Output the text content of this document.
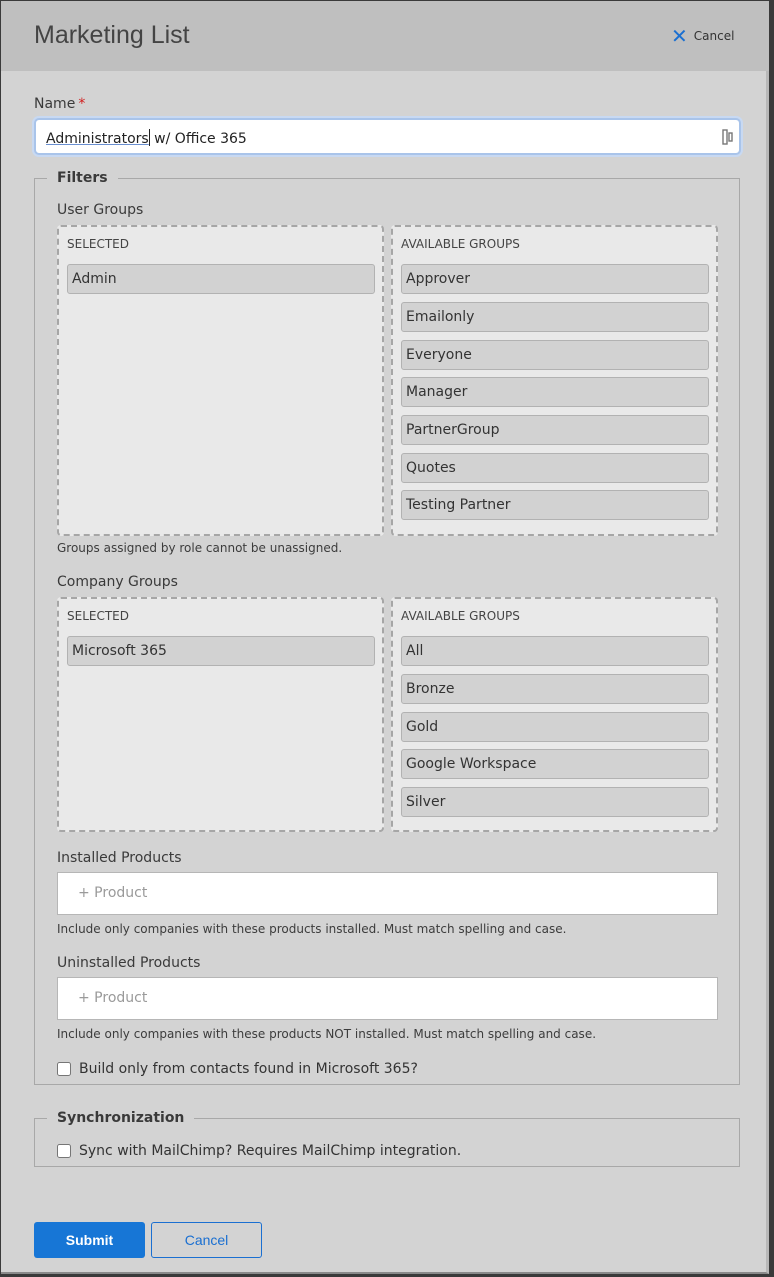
Marketing List	✕ Cancel
Name *
Administrators w/ Office 365
Filters
User Groups
SELECTED
Admin
AVAILABLE GROUPS
Approver
Emailonly
Everyone
Manager
PartnerGroup
Quotes
Testing Partner
Groups assigned by role cannot be unassigned.
Company Groups
SELECTED
Microsoft 365
AVAILABLE GROUPS
All
Bronze
Gold
Google Workspace
Silver
Installed Products
+ Product
Include only companies with these products installed. Must match spelling and case.
Uninstalled Products
+ Product
Include only companies with these products NOT installed. Must match spelling and case.
Build only from contacts found in Microsoft 365?
Synchronization
Sync with MailChimp? Requires MailChimp integration.
Submit	Cancel
